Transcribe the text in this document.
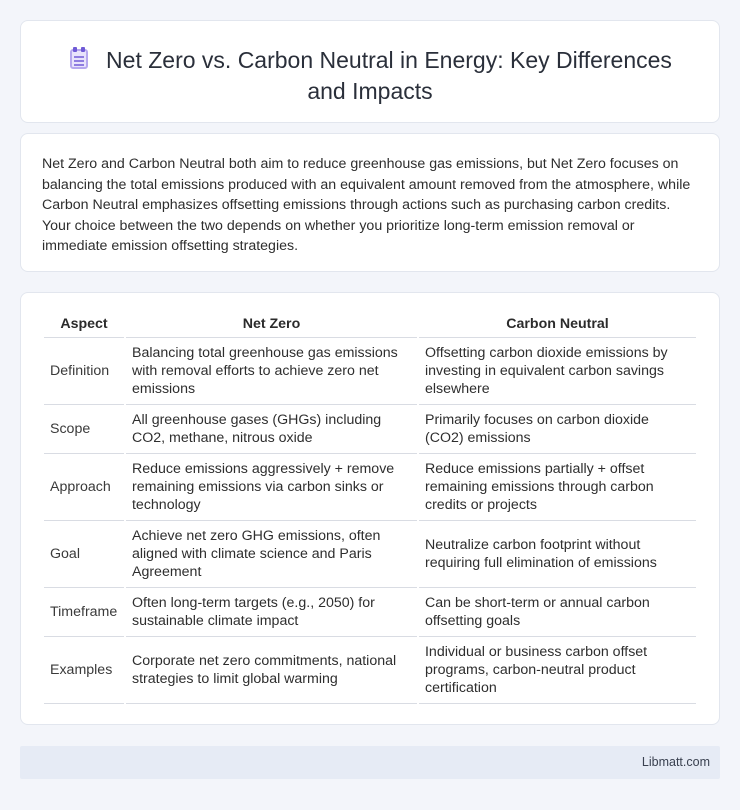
Net Zero vs. Carbon Neutral in Energy: Key Differences and Impacts

Net Zero and Carbon Neutral both aim to reduce greenhouse gas emissions, but Net Zero focuses on balancing the total emissions produced with an equivalent amount removed from the atmosphere, while Carbon Neutral emphasizes offsetting emissions through actions such as purchasing carbon credits. Your choice between the two depends on whether you prioritize long-term emission removal or immediate emission offsetting strategies.

Aspect	Net Zero	Carbon Neutral
Definition	Balancing total greenhouse gas emissions with removal efforts to achieve zero net emissions	Offsetting carbon dioxide emissions by investing in equivalent carbon savings elsewhere
Scope	All greenhouse gases (GHGs) including CO2, methane, nitrous oxide	Primarily focuses on carbon dioxide (CO2) emissions
Approach	Reduce emissions aggressively + remove remaining emissions via carbon sinks or technology	Reduce emissions partially + offset remaining emissions through carbon credits or projects
Goal	Achieve net zero GHG emissions, often aligned with climate science and Paris Agreement	Neutralize carbon footprint without requiring full elimination of emissions
Timeframe	Often long-term targets (e.g., 2050) for sustainable climate impact	Can be short-term or annual carbon offsetting goals
Examples	Corporate net zero commitments, national strategies to limit global warming	Individual or business carbon offset programs, carbon-neutral product certification
Libmatt.com
